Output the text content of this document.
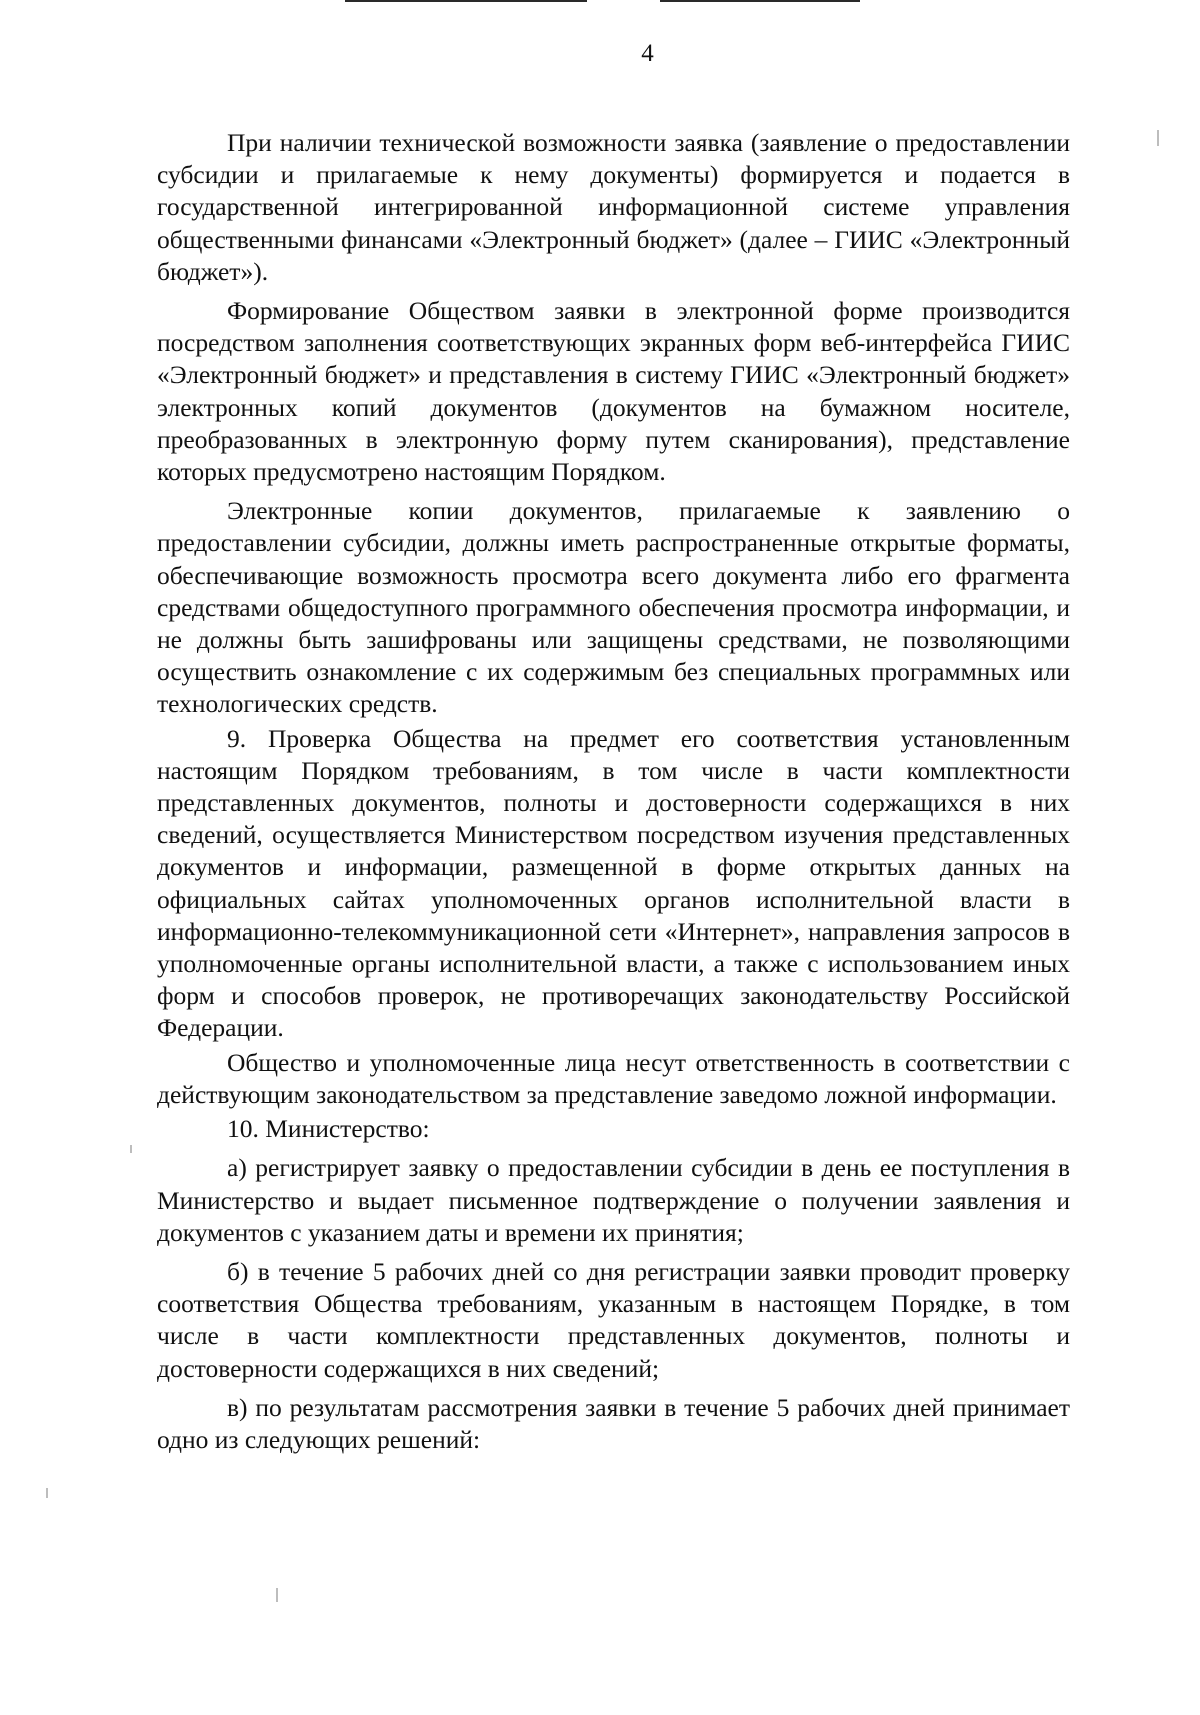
4

При наличии технической возможности заявка (заявление о предоставлении субсидии и прилагаемые к нему документы) формируется и подается в государственной интегрированной информационной системе управления общественными финансами «Электронный бюджет» (далее – ГИИС «Электронный бюджет»).

Формирование Обществом заявки в электронной форме производится посредством заполнения соответствующих экранных форм веб-интерфейса ГИИС «Электронный бюджет» и представления в систему ГИИС «Электронный бюджет» электронных копий документов (документов на бумажном носителе, преобразованных в электронную форму путем сканирования), представление которых предусмотрено настоящим Порядком.

Электронные копии документов, прилагаемые к заявлению о предоставлении субсидии, должны иметь распространенные открытые форматы, обеспечивающие возможность просмотра всего документа либо его фрагмента средствами общедоступного программного обеспечения просмотра информации, и не должны быть зашифрованы или защищены средствами, не позволяющими осуществить ознакомление с их содержимым без специальных программных или технологических средств.

9. Проверка Общества на предмет его соответствия установленным настоящим Порядком требованиям, в том числе в части комплектности представленных документов, полноты и достоверности содержащихся в них сведений, осуществляется Министерством посредством изучения представленных документов и информации, размещенной в форме открытых данных на официальных сайтах уполномоченных органов исполнительной власти в информационно-телекоммуникационной сети «Интернет», направления запросов в уполномоченные органы исполнительной власти, а также с использованием иных форм и способов проверок, не противоречащих законодательству Российской Федерации.

Общество и уполномоченные лица несут ответственность в соответствии с действующим законодательством за представление заведомо ложной информации.

10. Министерство:

а) регистрирует заявку о предоставлении субсидии в день ее поступления в Министерство и выдает письменное подтверждение о получении заявления и документов с указанием даты и времени их принятия;

б) в течение 5 рабочих дней со дня регистрации заявки проводит проверку соответствия Общества требованиям, указанным в настоящем Порядке, в том числе в части комплектности представленных документов, полноты и достоверности содержащихся в них сведений;

в) по результатам рассмотрения заявки в течение 5 рабочих дней принимает одно из следующих решений:
